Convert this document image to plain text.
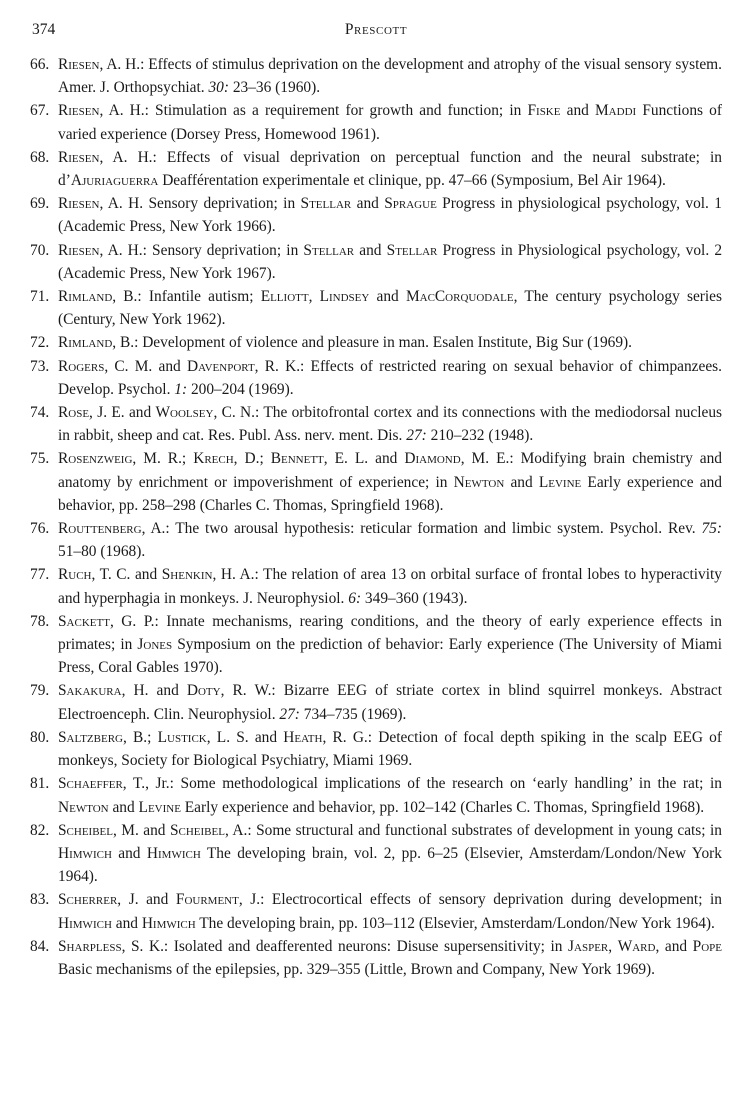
374	Prescott

66. Riesen, A. H.: Effects of stimulus deprivation on the development and atrophy of the visual sensory system. Amer. J. Orthopsychiat. 30: 23–36 (1960).

67. Riesen, A. H.: Stimulation as a requirement for growth and function; in Fiske and Maddi Functions of varied experience (Dorsey Press, Homewood 1961).

68. Riesen, A. H.: Effects of visual deprivation on perceptual function and the neural substrate; in d’Ajuriaguerra Deafférentation experimentale et clinique, pp. 47–66 (Symposium, Bel Air 1964).

69. Riesen, A. H. Sensory deprivation; in Stellar and Sprague Progress in physiological psychology, vol. 1 (Academic Press, New York 1966).

70. Riesen, A. H.: Sensory deprivation; in Stellar and Stellar Progress in Physiological psychology, vol. 2 (Academic Press, New York 1967).

71. Rimland, B.: Infantile autism; Elliott, Lindsey and MacCorquodale, The century psychology series (Century, New York 1962).

72. Rimland, B.: Development of violence and pleasure in man. Esalen Institute, Big Sur (1969).

73. Rogers, C. M. and Davenport, R. K.: Effects of restricted rearing on sexual behavior of chimpanzees. Develop. Psychol. 1: 200–204 (1969).

74. Rose, J. E. and Woolsey, C. N.: The orbitofrontal cortex and its connections with the mediodorsal nucleus in rabbit, sheep and cat. Res. Publ. Ass. nerv. ment. Dis. 27: 210–232 (1948).

75. Rosenzweig, M. R.; Krech, D.; Bennett, E. L. and Diamond, M. E.: Modifying brain chemistry and anatomy by enrichment or impoverishment of experience; in Newton and Levine Early experience and behavior, pp. 258–298 (Charles C. Thomas, Springfield 1968).

76. Routtenberg, A.: The two arousal hypothesis: reticular formation and limbic system. Psychol. Rev. 75: 51–80 (1968).

77. Ruch, T. C. and Shenkin, H. A.: The relation of area 13 on orbital surface of frontal lobes to hyperactivity and hyperphagia in monkeys. J. Neurophysiol. 6: 349–360 (1943).

78. Sackett, G. P.: Innate mechanisms, rearing conditions, and the theory of early experience effects in primates; in Jones Symposium on the prediction of behavior: Early experience (The University of Miami Press, Coral Gables 1970).

79. Sakakura, H. and Doty, R. W.: Bizarre EEG of striate cortex in blind squirrel monkeys. Abstract Electroenceph. Clin. Neurophysiol. 27: 734–735 (1969).

80. Saltzberg, B.; Lustick, L. S. and Heath, R. G.: Detection of focal depth spiking in the scalp EEG of monkeys, Society for Biological Psychiatry, Miami 1969.

81. Schaeffer, T., Jr.: Some methodological implications of the research on ‘early handling’ in the rat; in Newton and Levine Early experience and behavior, pp. 102–142 (Charles C. Thomas, Springfield 1968).

82. Scheibel, M. and Scheibel, A.: Some structural and functional substrates of development in young cats; in Himwich and Himwich The developing brain, vol. 2, pp. 6–25 (Elsevier, Amsterdam/London/New York 1964).

83. Scherrer, J. and Fourment, J.: Electrocortical effects of sensory deprivation during development; in Himwich and Himwich The developing brain, pp. 103–112 (Elsevier, Amsterdam/London/New York 1964).

84. Sharpless, S. K.: Isolated and deafferented neurons: Disuse supersensitivity; in Jasper, Ward, and Pope Basic mechanisms of the epilepsies, pp. 329–355 (Little, Brown and Company, New York 1969).
